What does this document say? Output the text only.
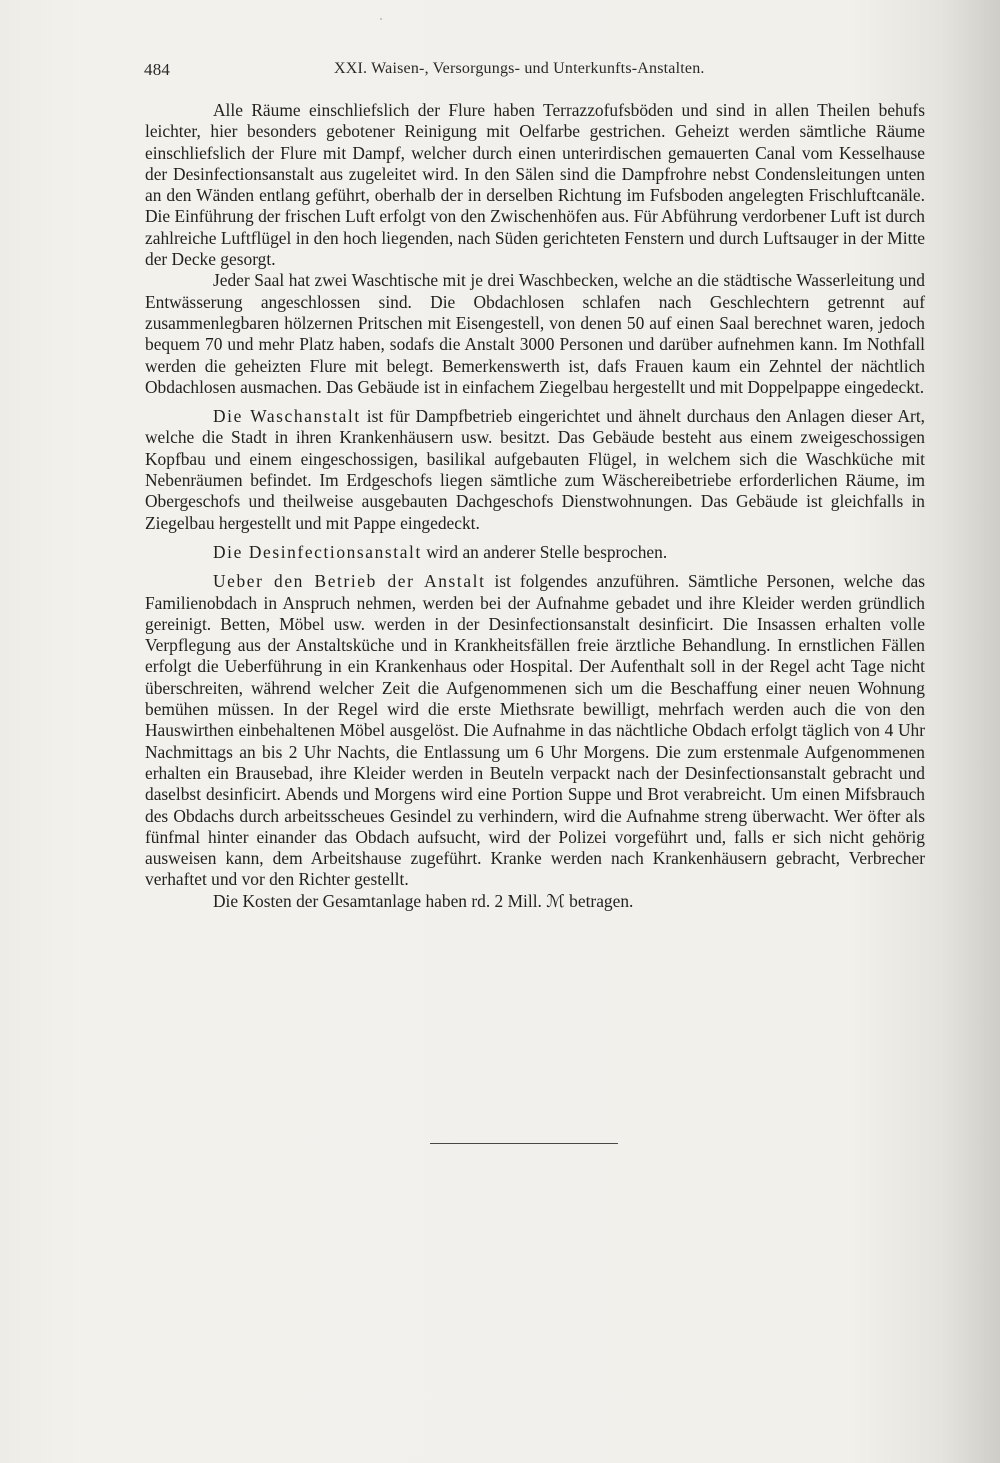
484	XXI. Waisen-, Versorgungs- und Unterkunfts-Anstalten.

Alle Räume einschliefslich der Flure haben Terrazzofufsböden und sind in allen Theilen behufs leichter, hier besonders gebotener Reinigung mit Oelfarbe gestrichen. Geheizt werden sämtliche Räume einschliefslich der Flure mit Dampf, welcher durch einen unterirdischen gemauerten Canal vom Kesselhause der Desinfectionsanstalt aus zugeleitet wird. In den Sälen sind die Dampfrohre nebst Condensleitungen unten an den Wänden entlang geführt, oberhalb der in derselben Richtung im Fufsboden angelegten Frischluftcanäle. Die Einführung der frischen Luft erfolgt von den Zwischenhöfen aus. Für Abführung verdorbener Luft ist durch zahlreiche Luftflügel in den hoch liegenden, nach Süden gerichteten Fenstern und durch Luftsauger in der Mitte der Decke gesorgt.

Jeder Saal hat zwei Waschtische mit je drei Waschbecken, welche an die städtische Wasserleitung und Entwässerung angeschlossen sind. Die Obdachlosen schlafen nach Geschlechtern getrennt auf zusammenlegbaren hölzernen Pritschen mit Eisengestell, von denen 50 auf einen Saal berechnet waren, jedoch bequem 70 und mehr Platz haben, sodafs die Anstalt 3000 Personen und darüber aufnehmen kann. Im Nothfall werden die geheizten Flure mit belegt. Bemerkenswerth ist, dafs Frauen kaum ein Zehntel der nächtlich Obdachlosen ausmachen. Das Gebäude ist in einfachem Ziegelbau hergestellt und mit Doppelpappe eingedeckt.

Die Waschanstalt ist für Dampfbetrieb eingerichtet und ähnelt durchaus den Anlagen dieser Art, welche die Stadt in ihren Krankenhäusern usw. besitzt. Das Gebäude besteht aus einem zweigeschossigen Kopfbau und einem eingeschossigen, basilikal aufgebauten Flügel, in welchem sich die Waschküche mit Nebenräumen befindet. Im Erdgeschofs liegen sämtliche zum Wäschereibetriebe erforderlichen Räume, im Obergeschofs und theilweise ausgebauten Dachgeschofs Dienstwohnungen. Das Gebäude ist gleichfalls in Ziegelbau hergestellt und mit Pappe eingedeckt.

Die Desinfectionsanstalt wird an anderer Stelle besprochen.

Ueber den Betrieb der Anstalt ist folgendes anzuführen. Sämtliche Personen, welche das Familienobdach in Anspruch nehmen, werden bei der Aufnahme gebadet und ihre Kleider werden gründlich gereinigt. Betten, Möbel usw. werden in der Desinfectionsanstalt desinficirt. Die Insassen erhalten volle Verpflegung aus der Anstaltsküche und in Krankheitsfällen freie ärztliche Behandlung. In ernstlichen Fällen erfolgt die Ueberführung in ein Krankenhaus oder Hospital. Der Aufenthalt soll in der Regel acht Tage nicht überschreiten, während welcher Zeit die Aufgenommenen sich um die Beschaffung einer neuen Wohnung bemühen müssen. In der Regel wird die erste Miethsrate bewilligt, mehrfach werden auch die von den Hauswirthen einbehaltenen Möbel ausgelöst. Die Aufnahme in das nächtliche Obdach erfolgt täglich von 4 Uhr Nachmittags an bis 2 Uhr Nachts, die Entlassung um 6 Uhr Morgens. Die zum erstenmale Aufgenommenen erhalten ein Brausebad, ihre Kleider werden in Beuteln verpackt nach der Desinfectionsanstalt gebracht und daselbst desinficirt. Abends und Morgens wird eine Portion Suppe und Brot verabreicht. Um einen Mifsbrauch des Obdachs durch arbeitsscheues Gesindel zu verhindern, wird die Aufnahme streng überwacht. Wer öfter als fünfmal hinter einander das Obdach aufsucht, wird der Polizei vorgeführt und, falls er sich nicht gehörig ausweisen kann, dem Arbeitshause zugeführt. Kranke werden nach Krankenhäusern gebracht, Verbrecher verhaftet und vor den Richter gestellt.

Die Kosten der Gesamtanlage haben rd. 2 Mill. ℳ betragen.
